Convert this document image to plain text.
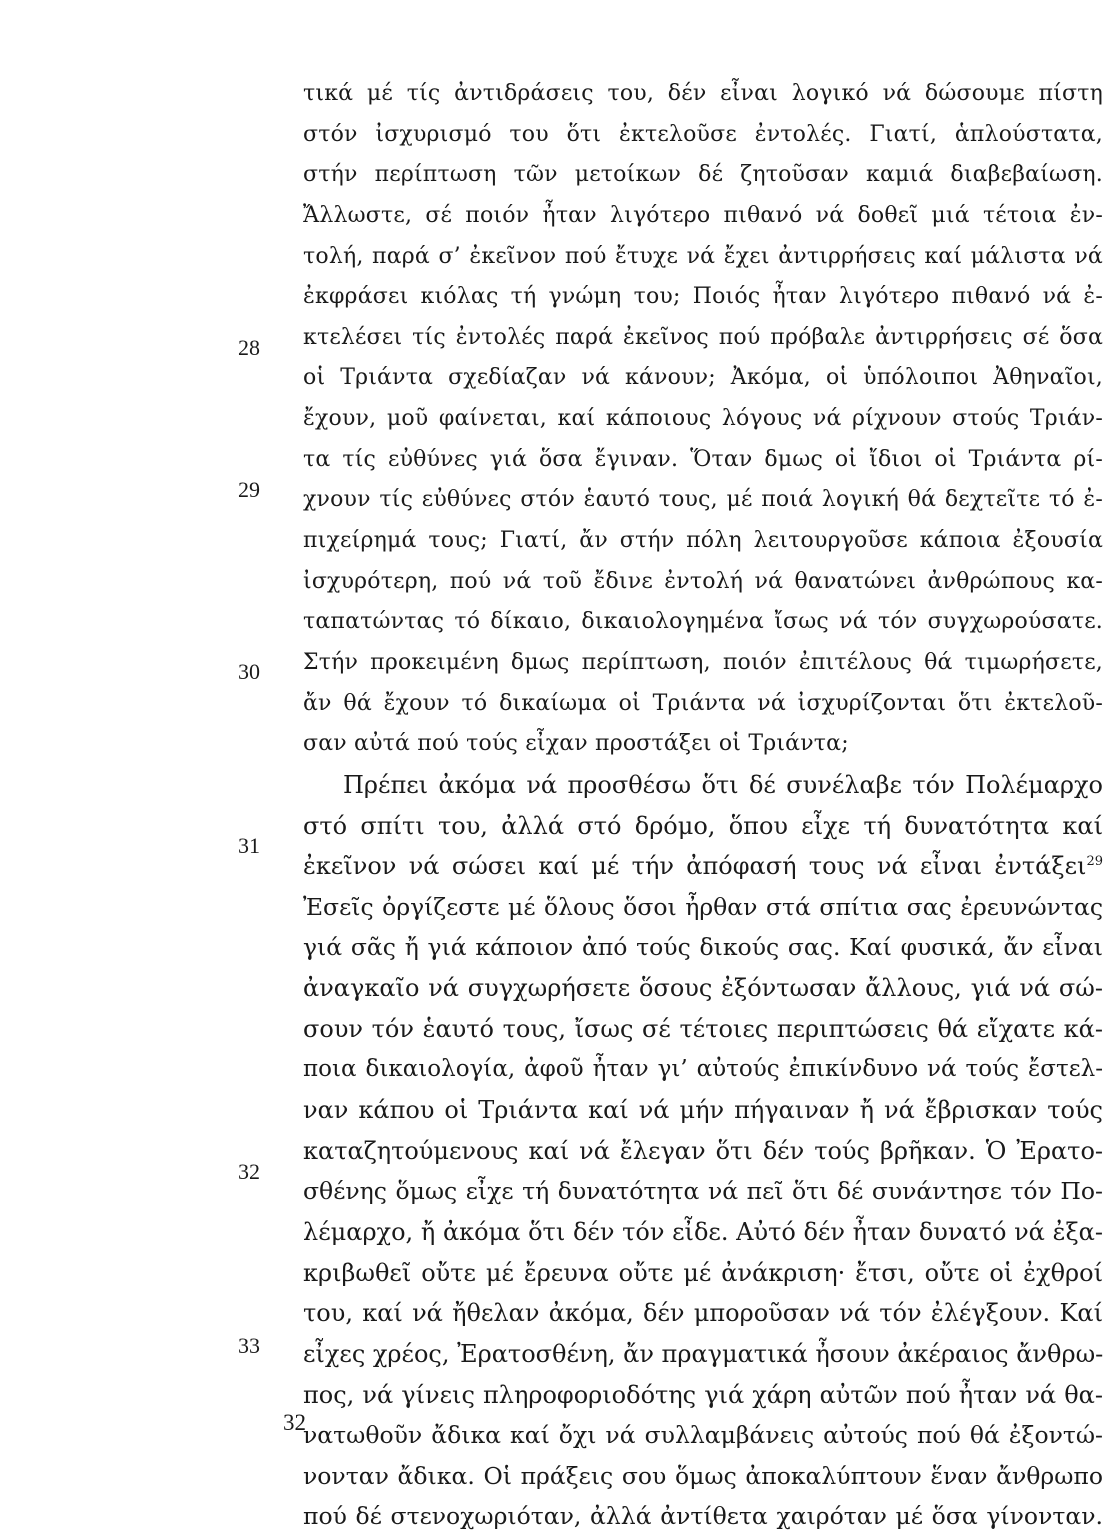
28
29
30
31
32
33
τικά μέ τίς ἀντιδράσεις του, δέν εἶναι λογικό νά δώσουμε πίστη
στόν ἰσχυρισμό του ὅτι ἐκτελοῦσε ἐντολές. Γιατί, ἁπλούστατα,
στήν περίπτωση τῶν μετοίκων δέ ζητοῦσαν καμιά διαβεβαίωση.
Ἄλλωστε, σέ ποιόν ἦταν λιγότερο πιθανό νά δοθεῖ μιά τέτοια ἐν-
τολή, παρά σ’ ἐκεῖνον πού ἔτυχε νά ἔχει ἀντιρρήσεις καί μάλιστα νά
ἐκφράσει κιόλας τή γνώμη του; Ποιός ἦταν λιγότερο πιθανό νά ἐ-
κτελέσει τίς ἐντολές παρά ἐκεῖνος πού πρόβαλε ἀντιρρήσεις σέ ὅσα
οἱ Τριάντα σχεδίαζαν νά κάνουν; Ἀκόμα, οἱ ὑπόλοιποι Ἀθηναῖοι,
ἔχουν, μοῦ φαίνεται, καί κάποιους λόγους νά ρίχνουν στούς Τριάν-
τα τίς εὐθύνες γιά ὅσα ἔγιναν. Ὅταν δμως οἱ ἴδιοι οἱ Τριάντα ρί-
χνουν τίς εὐθύνες στόν ἑαυτό τους, μέ ποιά λογική θά δεχτεῖτε τό ἐ-
πιχείρημά τους; Γιατί, ἄν στήν πόλη λειτουργοῦσε κάποια ἐξουσία
ἰσχυρότερη, πού νά τοῦ ἔδινε ἐντολή νά θανατώνει ἀνθρώπους κα-
ταπατώντας τό δίκαιο, δικαιολογημένα ἴσως νά τόν συγχωρούσατε.
Στήν προκειμένη δμως περίπτωση, ποιόν ἐπιτέλους θά τιμωρήσετε,
ἄν θά ἔχουν τό δικαίωμα οἱ Τριάντα νά ἰσχυρίζονται ὅτι ἐκτελοῦ-
σαν αὐτά πού τούς εἶχαν προστάξει οἱ Τριάντα;
Πρέπει ἀκόμα νά προσθέσω ὅτι δέ συνέλαβε τόν Πολέμαρχο
στό σπίτι του, ἀλλά στό δρόμο, ὅπου εἶχε τή δυνατότητα καί
ἐκεῖνον νά σώσει καί μέ τήν ἀπόφασή τους νά εἶναι ἐντάξει$^{29}$
Ἐσεῖς ὀργίζεστε μέ ὅλους ὅσοι ἦρθαν στά σπίτια σας ἐρευνώντας
γιά σᾶς ἤ γιά κάποιον ἀπό τούς δικούς σας. Καί φυσικά, ἄν εἶναι
ἀναγκαῖο νά συγχωρήσετε ὅσους ἐξόντωσαν ἄλλους, γιά νά σώ-
σουν τόν ἑαυτό τους, ἴσως σέ τέτοιες περιπτώσεις θά εἴχατε κά-
ποια δικαιολογία, ἀφοῦ ἦταν γι’ αὐτούς ἐπικίνδυνο νά τούς ἔστελ-
ναν κάπου οἱ Τριάντα καί νά μήν πήγαιναν ἤ νά ἔβρισκαν τούς
καταζητούμενους καί νά ἔλεγαν ὅτι δέν τούς βρῆκαν. Ὁ Ἐρατο-
σθένης ὅμως εἶχε τή δυνατότητα νά πεῖ ὅτι δέ συνάντησε τόν Πο-
λέμαρχο, ἤ ἀκόμα ὅτι δέν τόν εἶδε. Αὐτό δέν ἦταν δυνατό νά ἐξα-
κριβωθεῖ οὔτε μέ ἔρευνα οὔτε μέ ἀνάκριση· ἔτσι, οὔτε οἱ ἐχθροί
του, καί νά ἤθελαν ἀκόμα, δέν μποροῦσαν νά τόν ἐλέγξουν. Καί
εἶχες χρέος, Ἐρατοσθένη, ἄν πραγματικά ἦσουν ἀκέραιος ἄνθρω-
πος, νά γίνεις πληροφοριοδότης γιά χάρη αὐτῶν πού ἦταν νά θα-
νατωθοῦν ἄδικα καί ὄχι νά συλλαμβάνεις αὐτούς πού θά ἐξοντώ-
νονταν ἄδικα. Οἱ πράξεις σου ὅμως ἀποκαλύπτουν ἕναν ἄνθρωπο
πού δέ στενοχωριόταν, ἀλλά ἀντίθετα χαιρόταν μέ ὅσα γίνονταν.
32
